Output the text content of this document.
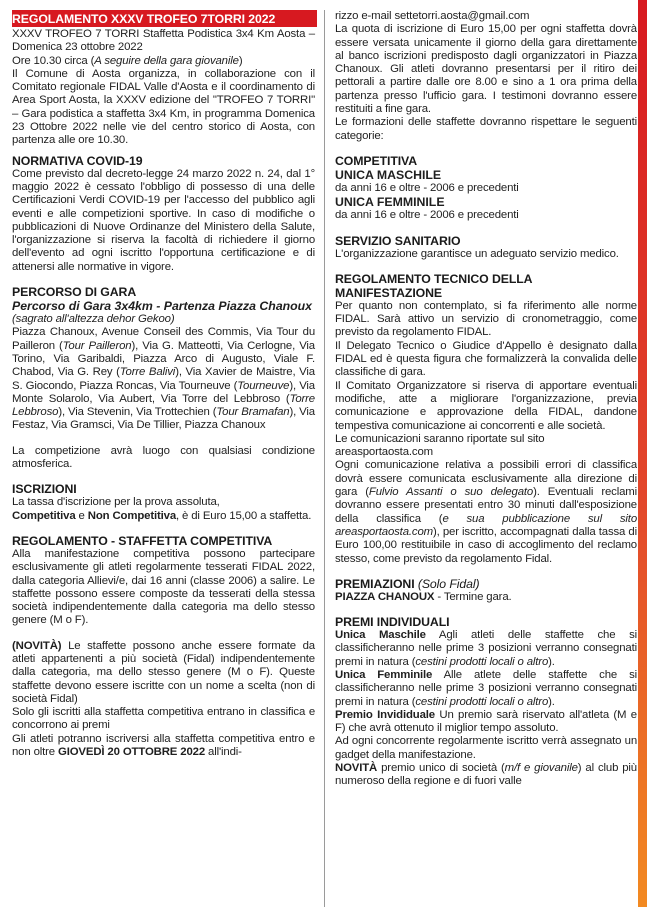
REGOLAMENTO XXXV TROFEO 7TORRI 2022

XXXV TROFEO 7 TORRI Staffetta Podistica 3x4 Km Aosta – Domenica 23 ottobre 2022

Ore 10.30 circa (A seguire della gara giovanile)

Il Comune di Aosta organizza, in collaborazione con il Comitato regionale FIDAL Valle d'Aosta e il coordinamento di Area Sport Aosta, la XXXV edizione del "TROFEO 7 TORRI" – Gara podistica a staffetta 3x4 Km, in programma Domenica 23 Ottobre 2022 nelle vie del centro storico di Aosta, con partenza alle ore 10.30.

NORMATIVA COVID-19

Come previsto dal decreto-legge 24 marzo 2022 n. 24, dal 1° maggio 2022 è cessato l'obbligo di possesso di una delle Certificazioni Verdi COVID-19 per l'accesso del pubblico agli eventi e alle competizioni sportive. In caso di modifiche o pubblicazioni di Nuove Ordinanze del Ministero della Salute, l'organizzazione si riserva la facoltà di richiedere il giorno dell'evento ad ogni iscritto l'opportuna certificazione e di attenersi alle normative in vigore.

PERCORSO DI GARA
Percorso di Gara 3x4km - Partenza Piazza Chanoux

(sagrato all'altezza dehor Gekoo)

Piazza Chanoux, Avenue Conseil des Commis, Via Tour du Pailleron (Tour Pailleron), Via G. Matteotti, Via Cerlogne, Via Torino, Via Garibaldi, Piazza Arco di Augusto, Viale F. Chabod, Via G. Rey (Torre Balivi), Via Xavier de Maistre, Via S. Giocondo, Piazza Roncas, Via Tourneuve (Tourneuve), Via Monte Solarolo, Via Aubert, Via Torre del Lebbroso (Torre Lebbroso), Via Stevenin, Via Trottechien (Tour Bramafan), Via Festaz, Via Gramsci, Via De Tillier, Piazza Chanoux

La competizione avrà luogo con qualsiasi condizione atmosferica.

ISCRIZIONI

La tassa d'iscrizione per la prova assoluta,

Competitiva e Non Competitiva, è di Euro 15,00 a staffetta.

REGOLAMENTO - STAFFETTA COMPETITIVA

Alla manifestazione competitiva possono partecipare esclusivamente gli atleti regolarmente tesserati FIDAL 2022, dalla categoria Allievi/e, dai 16 anni (classe 2006) a salire. Le staffette possono essere composte da tesserati della stessa società indipendentemente dalla categoria ma dello stesso genere (M o F).

(NOVITÀ) Le staffette possono anche essere formate da atleti appartenenti a più società (Fidal) indipendentemente dalla categoria, ma dello stesso genere (M o F). Queste staffette devono essere iscritte con un nome a scelta (non di società Fidal)

Solo gli iscritti alla staffetta competitiva entrano in classifica e concorrono ai premi

Gli atleti potranno iscriversi alla staffetta competitiva entro e non oltre GIOVEDÌ 20 OTTOBRE 2022 all'indi-

rizzo e-mail settetorri.aosta@gmail.com

La quota di iscrizione di Euro 15,00 per ogni staffetta dovrà essere versata unicamente il giorno della gara direttamente al banco iscrizioni predisposto dagli organizzatori in Piazza Chanoux. Gli atleti dovranno presentarsi per il ritiro dei pettorali a partire dalle ore 8.00 e sino a 1 ora prima della partenza presso l'ufficio gara. I testimoni dovranno essere restituiti a fine gara.

Le formazioni delle staffette dovranno rispettare le seguenti categorie:

COMPETITIVA
UNICA MASCHILE

da anni 16 e oltre - 2006 e precedenti

UNICA FEMMINILE

da anni 16 e oltre - 2006 e precedenti

SERVIZIO SANITARIO

L'organizzazione garantisce un adeguato servizio medico.

REGOLAMENTO TECNICO DELLA MANIFESTAZIONE

Per quanto non contemplato, si fa riferimento alle norme FIDAL. Sarà attivo un servizio di cronometraggio, come previsto da regolamento FIDAL.

Il Delegato Tecnico o Giudice d'Appello è designato dalla FIDAL ed è questa figura che formalizzerà la convalida delle classifiche di gara.

Il Comitato Organizzatore si riserva di apportare eventuali modifiche, atte a migliorare l'organizzazione, previa comunicazione e approvazione della FIDAL, dandone tempestiva comunicazione ai concorrenti e alle società.

Le comunicazioni saranno riportate sul sito

areasportaosta.com

Ogni comunicazione relativa a possibili errori di classifica dovrà essere comunicata esclusivamente alla direzione di gara (Fulvio Assanti o suo delegato). Eventuali reclami dovranno essere presentati entro 30 minuti dall'esposizione della classifica (e sua pubblicazione sul sito areasportaosta.com), per iscritto, accompagnati dalla tassa di Euro 100,00 restituibile in caso di accoglimento del reclamo stesso, come previsto da regolamento Fidal.

PREMIAZIONI (Solo Fidal)

PIAZZA CHANOUX - Termine gara.

PREMI INDIVIDUALI

Unica Maschile Agli atleti delle staffette che si classificheranno nelle prime 3 posizioni verranno consegnati premi in natura (cestini prodotti locali o altro).

Unica Femminile Alle atlete delle staffette che si classificheranno nelle prime 3 posizioni verranno consegnati premi in natura (cestini prodotti locali o altro).

Premio Invididuale Un premio sarà riservato all'atleta (M e F) che avrà ottenuto il miglior tempo assoluto.

Ad ogni concorrente regolarmente iscritto verrà assegnato un gadget della manifestazione.

NOVITÀ premio unico di società (m/f e giovanile) al club più numeroso della regione e di fuori valle
